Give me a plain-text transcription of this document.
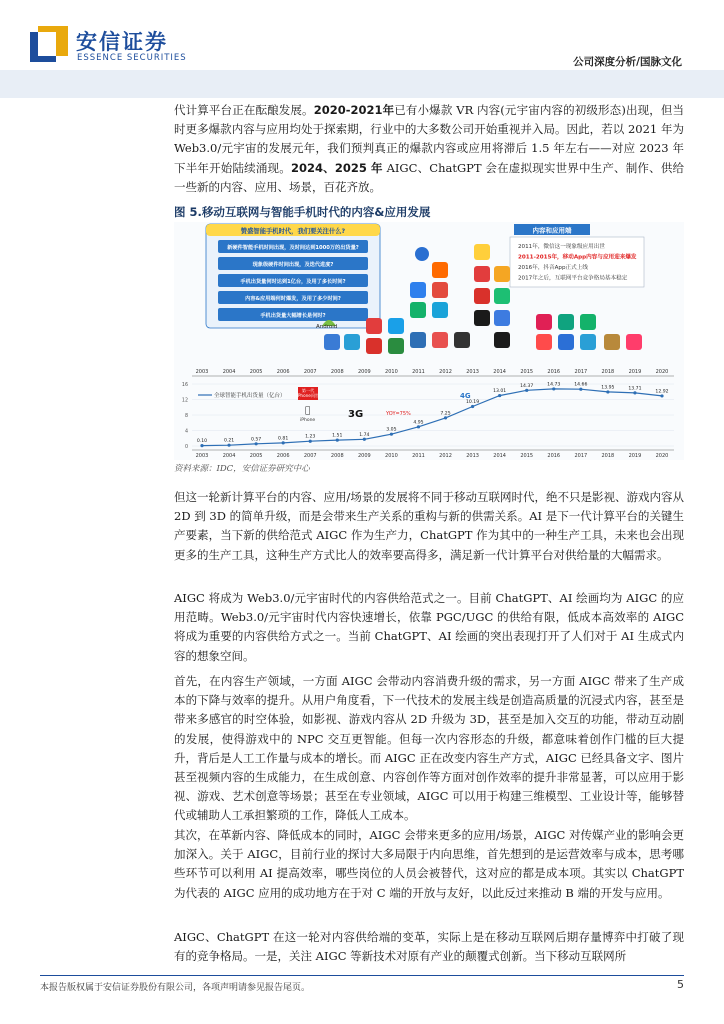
安信证券
ESSENCE SECURITIES	公司深度分析/国脉文化

代计算平台正在酝酿发展。2020-2021年已有小爆款 VR 内容(元宇宙内容的初级形态)出现，但当时更多爆款内容与应用均处于探索期，行业中的大多数公司开始重视并入局。因此，若以 2021 年为 Web3.0/元宇宙的发展元年，我们预判真正的爆款内容或应用将滞后 1.5 年左右——对应 2023 年下半年开始陆续涌现。2024、2025 年 AIGC、ChatGPT 会在虚拟现实世界中生产、制作、供给一些新的内容、应用、场景，百花齐放。

图 5.移动互联网与智能手机时代的内容&应用发展
赞盛智能手机时代，我们要关注什么?
新硬件智能手机时间出现，及时间达到1000万的出货量?
现象级硬件时间出现，及迭代进度?
手机出货量何时达到1亿台，及用了多长时间?
内容&应用端何时爆发，及用了多少时间?
手机出货量大幅增长是何时?
内容和应用端
2011年，微信这一现象级应用出世
2011-2015年，移动App内容与应用迎来爆发
2016年，抖音App正式上线
2017年之后，互联网平台竞争格局基本稳定
2003	2004	2005	2006	2007	2008	2009	2010	2011	2012	2013	2014	2015	2016	2017	2018	2019	2020
0
4
8
12
16
0.10	0.21	0.57	0.81	1.23	1.51	1.74
3.05
4.95
7.25
10.19
13.01
14.37	14.73	14.66
13.95	13.71
12.92
2003	2004	2005	2006	2007	2008	2009	2010	2011	2012	2013	2014	2015	2016	2017	2018	2019	2020
全球智能手机出货量（亿台）
第一代 iPhone问世
iPhone
3G	YOY=75%
4G
Android
资料来源：IDC，安信证券研究中心

但这一轮新计算平台的内容、应用/场景的发展将不同于移动互联网时代，绝不只是影视、游戏内容从 2D 到 3D 的简单升级，而是会带来生产关系的重构与新的供需关系。AI 是下一代计算平台的关键生产要素，当下新的供给范式 AIGC 作为生产力，ChatGPT 作为其中的一种生产工具，未来也会出现更多的生产工具，这种生产方式比人的效率要高得多，满足新一代计算平台对供给量的大幅需求。

AIGC 将成为 Web3.0/元宇宙时代的内容供给范式之一。目前 ChatGPT、AI 绘画均为 AIGC 的应用范畴。Web3.0/元宇宙时代内容快速增长，依靠 PGC/UGC 的供给有限，低成本高效率的 AIGC 将成为重要的内容供给方式之一。当前 ChatGPT、AI 绘画的突出表现打开了人们对于 AI 生成式内容的想象空间。

首先，在内容生产领域，一方面 AIGC 会带动内容消费升级的需求，另一方面 AIGC 带来了生产成本的下降与效率的提升。从用户角度看，下一代技术的发展主线是创造高质量的沉浸式内容，甚至是带来多感官的时空体验，如影视、游戏内容从 2D 升级为 3D，甚至是加入交互的功能，带动互动剧的发展，使得游戏中的 NPC 交互更智能。但每一次内容形态的升级，都意味着创作门槛的巨大提升，背后是人工工作量与成本的增长。而 AIGC 正在改变内容生产方式，AIGC 已经具备文字、图片甚至视频内容的生成能力，在生成创意、内容创作等方面对创作效率的提升非常显著，可以应用于影视、游戏、艺术创意等场景；甚至在专业领域，AIGC 可以用于构建三维模型、工业设计等，能够替代或辅助人工承担繁琐的工作，降低人工成本。

其次，在革新内容、降低成本的同时，AIGC 会带来更多的应用/场景，AIGC 对传媒产业的影响会更加深入。关于 AIGC，目前行业的探讨大多局限于内向思维，首先想到的是运营效率与成本，思考哪些环节可以利用 AI 提高效率，哪些岗位的人员会被替代，这对应的都是成本项。其实以 ChatGPT 为代表的 AIGC 应用的成功地方在于对 C 端的开放与友好，以此反过来推动 B 端的开发与应用。

AIGC、ChatGPT 在这一轮对内容供给端的变革，实际上是在移动互联网后期存量博弈中打破了现有的竞争格局。一是，关注 AIGC 等新技术对原有产业的颠覆式创新。当下移动互联网所

本报告版权属于安信证券股份有限公司，各项声明请参见报告尾页。	5
